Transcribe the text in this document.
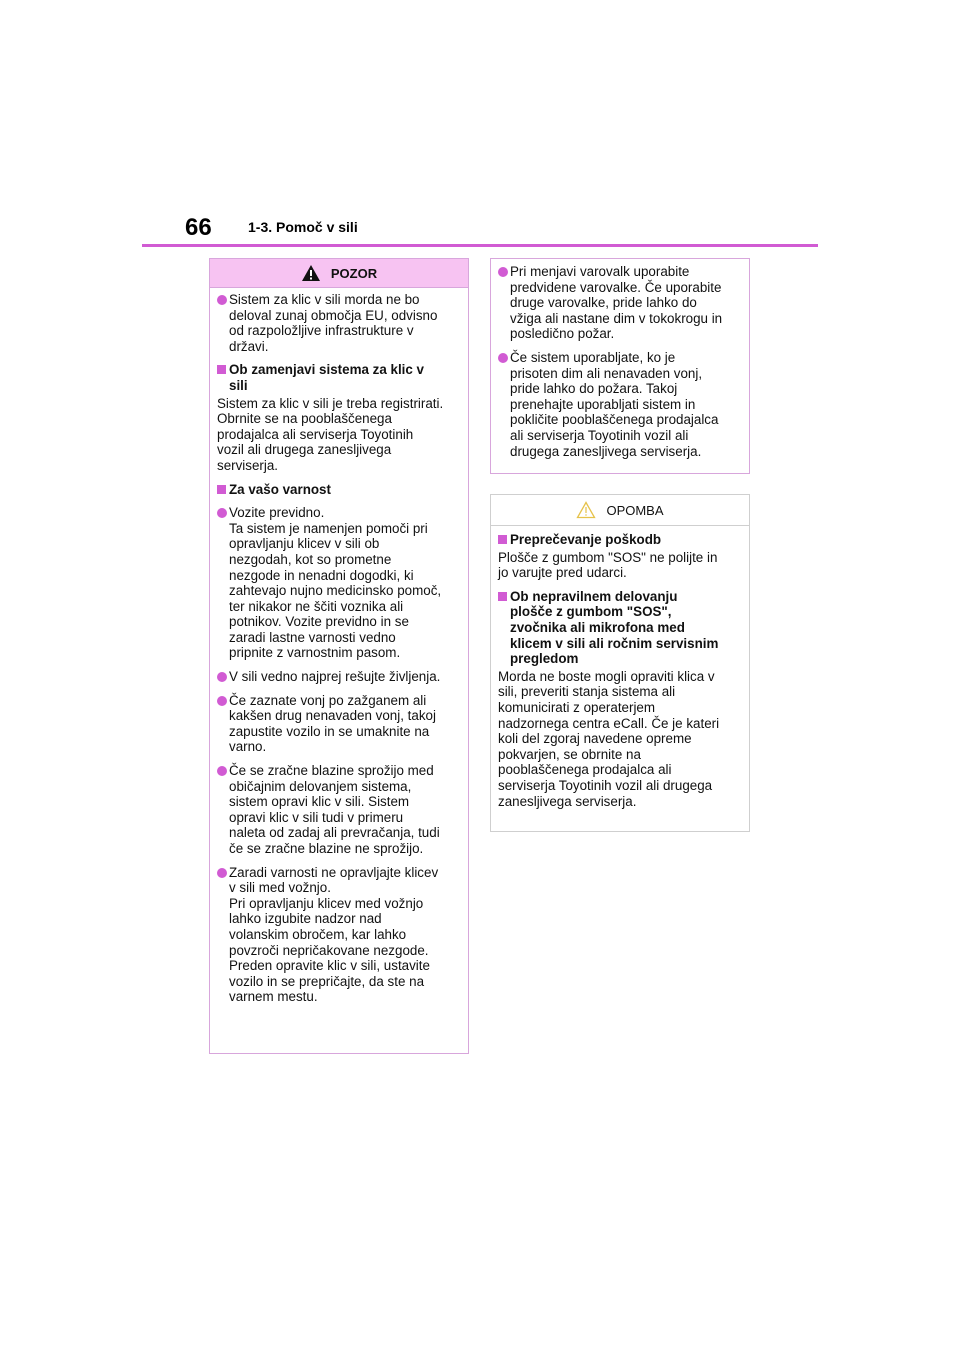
66	1-3. Pomoč v sili
POZOR
Sistem za klic v sili morda ne bo
deloval zunaj območja EU, odvisno
od razpoložljive infrastrukture v
državi.
Ob zamenjavi sistema za klic v
sili
Sistem za klic v sili je treba registrirati.
Obrnite se na pooblaščenega
prodajalca ali serviserja Toyotinih
vozil ali drugega zanesljivega
serviserja.
Za vašo varnost
Vozite previdno.
Ta sistem je namenjen pomoči pri
opravljanju klicev v sili ob
nezgodah, kot so prometne
nezgode in nenadni dogodki, ki
zahtevajo nujno medicinsko pomoč,
ter nikakor ne ščiti voznika ali
potnikov. Vozite previdno in se
zaradi lastne varnosti vedno
pripnite z varnostnim pasom.
V sili vedno najprej rešujte življenja.
Če zaznate vonj po zažganem ali
kakšen drug nenavaden vonj, takoj
zapustite vozilo in se umaknite na
varno.
Če se zračne blazine sprožijo med
običajnim delovanjem sistema,
sistem opravi klic v sili. Sistem
opravi klic v sili tudi v primeru
naleta od zadaj ali prevračanja, tudi
če se zračne blazine ne sprožijo.
Zaradi varnosti ne opravljajte klicev
v sili med vožnjo.
Pri opravljanju klicev med vožnjo
lahko izgubite nadzor nad
volanskim obročem, kar lahko
povzroči nepričakovane nezgode.
Preden opravite klic v sili, ustavite
vozilo in se prepričajte, da ste na
varnem mestu.
Pri menjavi varovalk uporabite
predvidene varovalke. Če uporabite
druge varovalke, pride lahko do
vžiga ali nastane dim v tokokrogu in
posledično požar.
Če sistem uporabljate, ko je
prisoten dim ali nenavaden vonj,
pride lahko do požara. Takoj
prenehajte uporabljati sistem in
pokličite pooblaščenega prodajalca
ali serviserja Toyotinih vozil ali
drugega zanesljivega serviserja.
OPOMBA
Preprečevanje poškodb
Plošče z gumbom "SOS" ne polijte in
jo varujte pred udarci.
Ob nepravilnem delovanju
plošče z gumbom "SOS",
zvočnika ali mikrofona med
klicem v sili ali ročnim servisnim
pregledom
Morda ne boste mogli opraviti klica v
sili, preveriti stanja sistema ali
komunicirati z operaterjem
nadzornega centra eCall. Če je kateri
koli del zgoraj navedene opreme
pokvarjen, se obrnite na
pooblaščenega prodajalca ali
serviserja Toyotinih vozil ali drugega
zanesljivega serviserja.
